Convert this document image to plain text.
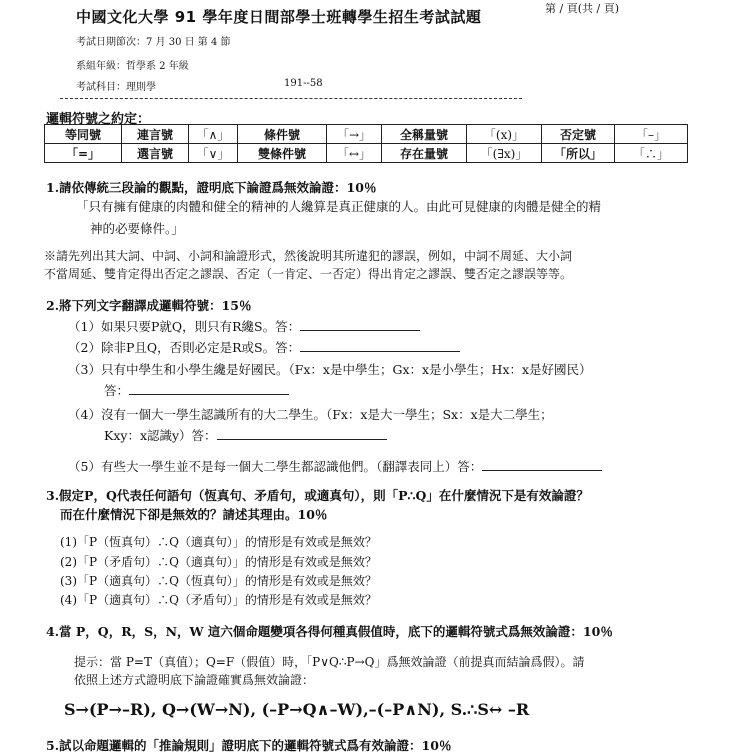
中國文化大學 91 學年度日間部學士班轉學生招生考試試題	第 / 頁(共 / 頁)
考試日期節次：7 月 30 日 第 4 節
系組年級：哲學系 2 年級
考試科目：理則學	191--58
邏輯符號之約定：
等同號	連言號	「∧」	條件號	「→」	全稱量號	「(x)」	否定號	「–」
「=」	選言號	「∨」	雙條件號	「↔」	存在量號	「(∃x)」	「所以」	「∴」
1.請依傳統三段論的觀點，證明底下論證爲無效論證：10％
「只有擁有健康的肉體和健全的精神的人纔算是真正健康的人。由此可見健康的肉體是健全的精
神的必要條件。」
※請先列出其大詞、中詞、小詞和論證形式，然後說明其所違犯的謬誤，例如，中詞不周延、大小詞
不當周延、雙肯定得出否定之謬誤、否定（一肯定、一否定）得出肯定之謬誤、雙否定之謬誤等等。
2.將下列文字翻譯成邏輯符號：15％
（1）如果只要P就Q，則只有R纔S。答：
（2）除非P且Q，否則必定是R或S。答：
（3）只有中學生和小學生纔是好國民。（Fx：x是中學生；Gx：x是小學生；Hx：x是好國民）
答：
（4）沒有一個大一學生認識所有的大二學生。（Fx：x是大一學生；Sx：x是大二學生；
Kxy：x認識y）答：
（5）有些大一學生並不是每一個大二學生都認識他們。（翻譯表同上）答：
3.假定P，Q代表任何語句（恆真句、矛盾句，或適真句），則「P∴Q」在什麼情況下是有效論證？
而在什麼情況下卻是無效的？請述其理由。10％
(1)「P（恆真句）∴Q（適真句）」的情形是有效或是無效？
(2)「P（矛盾句）∴Q（適真句）」的情形是有效或是無效？
(3)「P（適真句）∴Q（恆真句）」的情形是有效或是無效？
(4)「P（適真句）∴Q（矛盾句）」的情形是有效或是無效？
4.當 P，Q，R，S，N，W 這六個命題變項各得何種真假值時，底下的邏輯符號式爲無效論證：10％
提示：當 P=T（真值）；Q=F（假值）時，「P∨Q∴P→Q」爲無效論證（前提真而結論爲假）。請
依照上述方式證明底下論證確實爲無效論證：
S→(P→–R), Q→(W→N), (–P→Q∧–W),–(–P∧N), S.∴S↔ –R
5.試以命題邏輯的「推論規則」證明底下的邏輯符號式爲有效論證：10％
